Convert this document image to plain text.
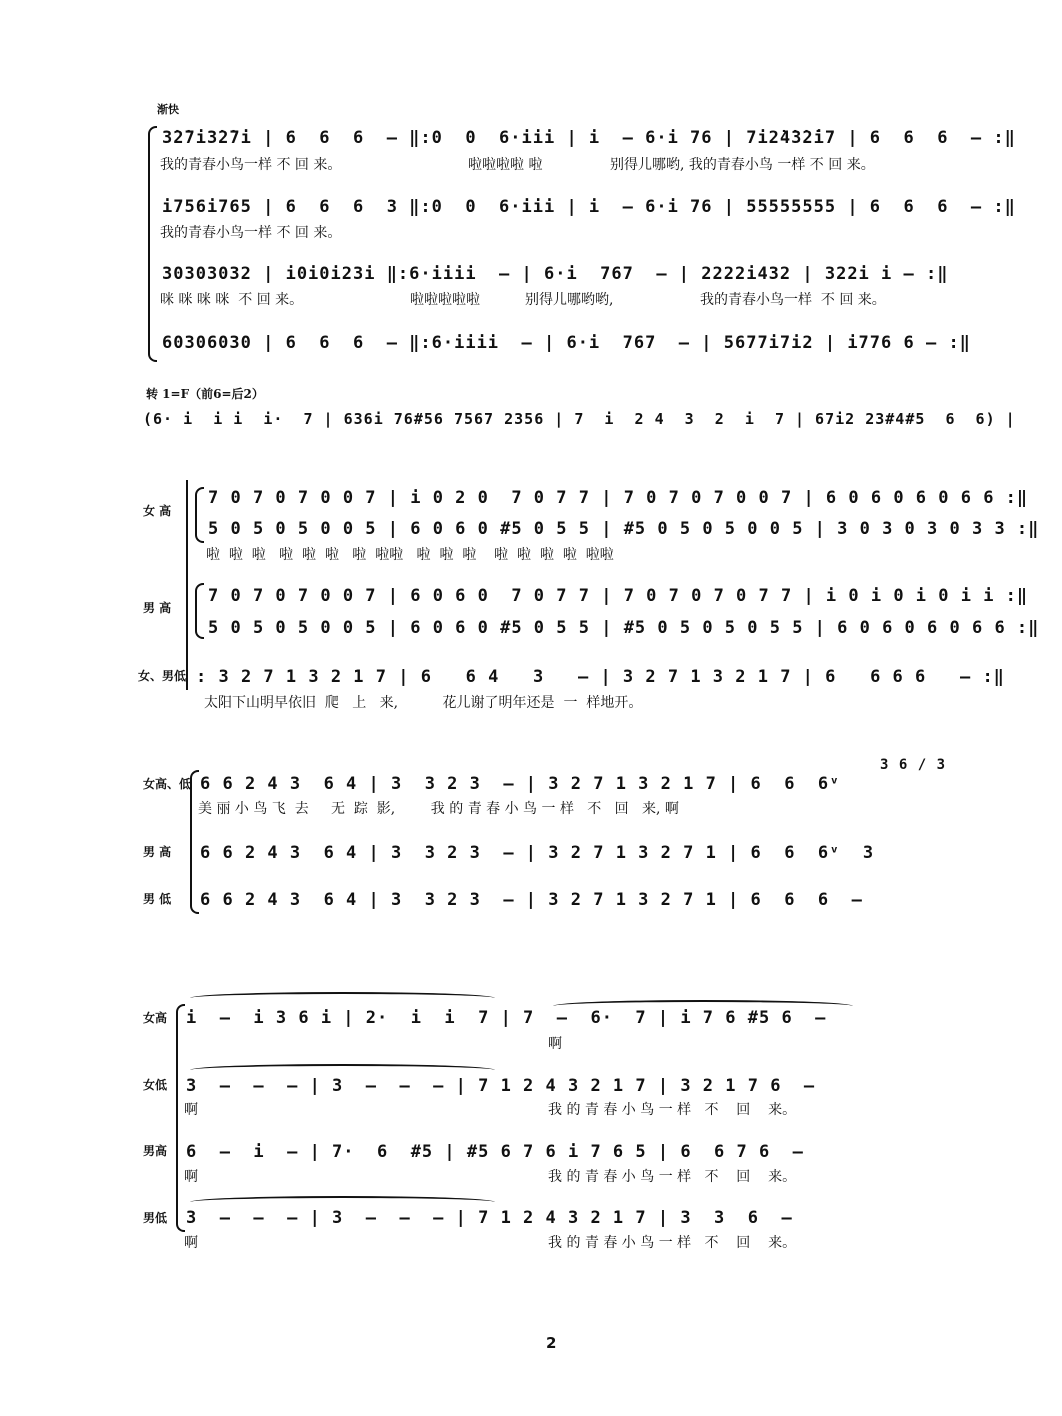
渐快
3̇2̇7i3̇2̇7i | 6  6  6  – ‖:0  0  6·iii | i  – 6·i 76 | 7i2̇4̇3̇2̇i7 | 6  6  6  – :‖
我的青春小鸟一样 不 回 来。	啦啦啦啦 啦	别得儿哪哟, 我的青春小鸟 一样 不 回 来。
i756i765 | 6  6  6  3 ‖:0  0  6·iii | i  – 6·i 76 | 55555555 | 6  6  6  – :‖
我的青春小鸟一样 不 回 来。
30303032 | i0i0i23i ‖:6·iiii  – | 6·i  767  – | 2222i432 | 322i i – :‖
咪 咪 咪 咪  不 回 来。	啦啦啦啦啦	别得儿哪哟哟,	我的青春小鸟一样  不 回 来。
60306030 | 6  6  6  – ‖:6·iiii  – | 6·i  767  – | 5677i7i2 | i776 6 – :‖
转 1=F（前6=后2）
(6· i  i i  i·  7 | 636i 76#56 7567 2356 | 7  i  2 4  3  2  i  7 | 67i2 23#4#5  6  6) |
女 高
7 0 7 0 7 0 0 7 | i 0 2 0  7 0 7 7 | 7 0 7 0 7 0 0 7 | 6 0 6 0 6 0 6 6 :‖
5 0 5 0 5 0 0 5 | 6 0 6 0 #5 0 5 5 | #5 0 5 0 5 0 0 5 | 3 0 3 0 3 0 3 3 :‖
啦  啦  啦   啦  啦  啦   啦  啦啦   啦  啦  啦    啦  啦  啦  啦  啦啦
男 高
7 0 7 0 7 0 0 7 | 6 0 6 0  7 0 7 7 | 7 0 7 0 7 0 7 7 | i 0 i 0 i 0 i i :‖
5 0 5 0 5 0 0 5 | 6 0 6 0 #5 0 5 5 | #5 0 5 0 5 0 5 5 | 6 0 6 0 6 0 6 6 :‖
女、男低 : 3 2 7 1 3 2 1 7 | 6   6 4   3   – | 3 2 7 1 3 2 1 7 | 6   6 6 6   – :‖
太阳下山明早依旧  爬   上   来,          花儿谢了明年还是  一  样地开。
女高、低 6 6 2 4 3  6 4 | 3  3 2 3  – | 3 2 7 1 3 2 1 7 | 6  6  6ᵛ
3 6 / 3
美 丽 小 鸟 飞  去     无  踪  影,        我 的 青 春 小 鸟 一 样   不   回   来, 啊
男 高 6 6 2 4 3  6 4 | 3  3 2 3  – | 3 2 7 1 3 2 7 1 | 6  6  6ᵛ  3
男 低 6 6 2 4 3  6 4 | 3  3 2 3  – | 3 2 7 1 3 2 7 1 | 6  6  6  –
女高 i  –  i 3 6 i | 2·  i  i  7 | 7  –  6·  7 | i 7 6 #5 6  –
啊
女低 3  –  –  – | 3  –  –  – | 7 1 2 4 3 2 1 7 | 3 2 1 7 6  –
啊	我 的 青 春 小 鸟 一 样   不    回    来。
男高 6  –  i  – | 7·  6  #5 | #5 6 7 6 i 7 6 5 | 6  6 7 6  –
啊	我 的 青 春 小 鸟 一 样   不    回    来。
男低 3  –  –  – | 3  –  –  – | 7 1 2 4 3 2 1 7 | 3  3  6  –
啊	我 的 青 春 小 鸟 一 样   不    回    来。
2
